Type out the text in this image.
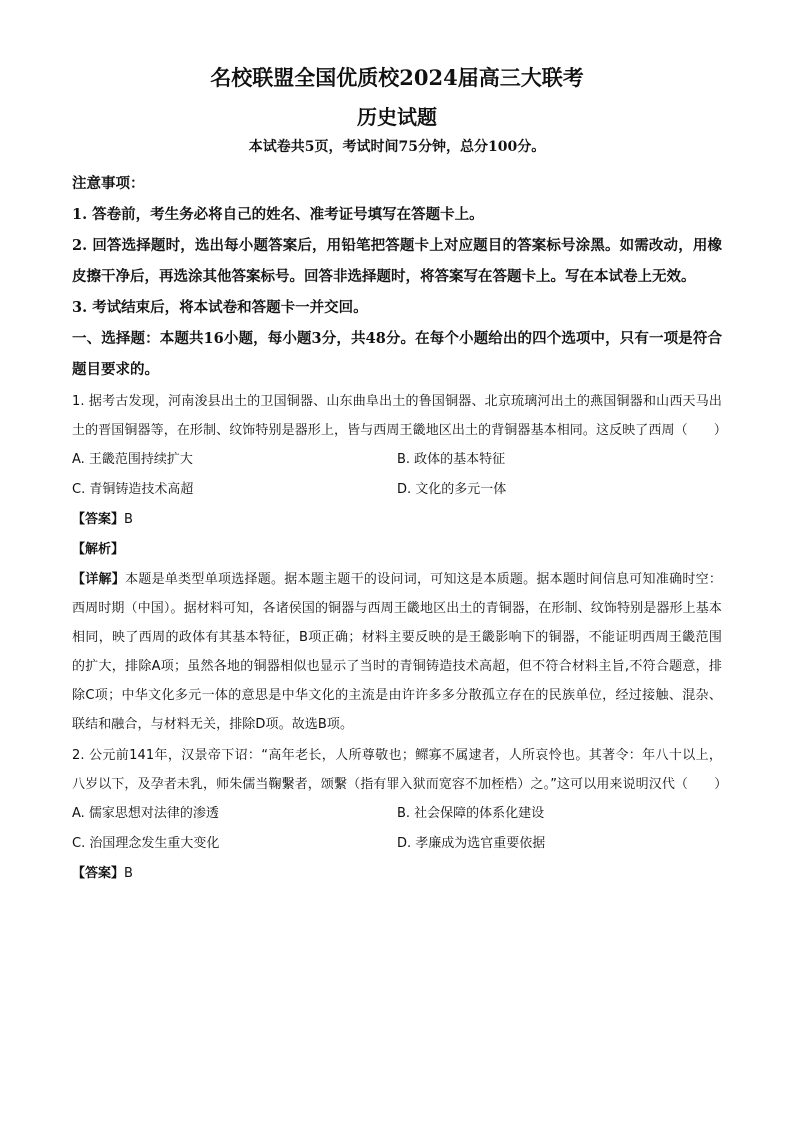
名校联盟全国优质校2024届高三大联考
历史试题
本试卷共5页，考试时间75分钟，总分100分。

注意事项：

1. 答卷前，考生务必将自己的姓名、准考证号填写在答题卡上。

2. 回答选择题时，选出每小题答案后，用铅笔把答题卡上对应题目的答案标号涂黑。如需改动，用橡皮擦干净后，再选涂其他答案标号。回答非选择题时，将答案写在答题卡上。写在本试卷上无效。

3. 考试结束后，将本试卷和答题卡一并交回。

一、选择题：本题共16小题，每小题3分，共48分。在每个小题给出的四个选项中，只有一项是符合题目要求的。

1. 据考古发现，河南浚县出土的卫国铜器、山东曲阜出土的鲁国铜器、北京琉璃河出土的燕国铜器和山西天马出土的晋国铜器等，在形制、纹饰特别是器形上，皆与西周王畿地区出土的背铜器基本相同。这反映了西周（　　）

A. 王畿范围持续扩大	B. 政体的基本特征
C. 青铜铸造技术高超	D. 文化的多元一体

【答案】B

【解析】

【详解】本题是单类型单项选择题。据本题主题干的设问词，可知这是本质题。据本题时间信息可知准确时空：西周时期（中国）。据材料可知，各诸侯国的铜器与西周王畿地区出土的青铜器，在形制、纹饰特别是器形上基本相同，映了西周的政体有其基本特征，B项正确；材料主要反映的是王畿影响下的铜器，不能证明西周王畿范围的扩大，排除A项；虽然各地的铜器相似也显示了当时的青铜铸造技术高超，但不符合材料主旨,不符合题意，排除C项；中华文化多元一体的意思是中华文化的主流是由许许多多分散孤立存在的民族单位，经过接触、混杂、联结和融合，与材料无关，排除D项。故选B项。

2. 公元前141年，汉景帝下诏：“高年老长，人所尊敬也；鳏寡不属逮者，人所哀怜也。其著令：年八十以上，八岁以下，及孕者未乳，师朱儒当鞠繫者，颂繫（指有罪入狱而宽容不加桎梏）之。”这可以用来说明汉代（　　）

A. 儒家思想对法律的渗透	B. 社会保障的体系化建设
C. 治国理念发生重大变化	D. 孝廉成为选官重要依据

【答案】B
